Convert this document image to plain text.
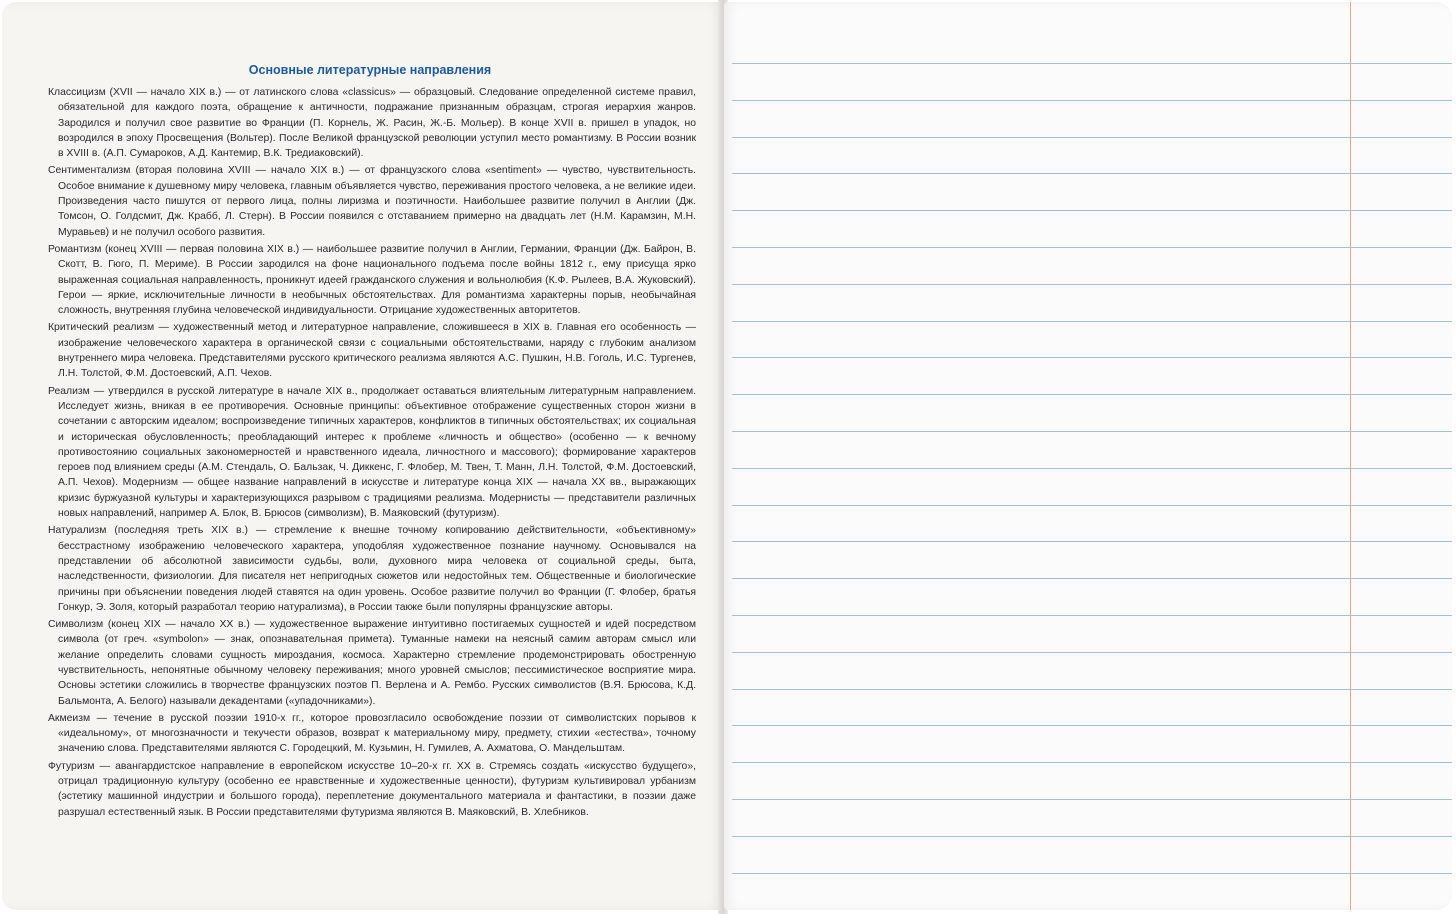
Основные литературные направления

Классицизм (XVII — начало XIX в.) — от латинского слова «classicus» — образцовый. Следование определенной системе правил, обязательной для каждого поэта, обращение к античности, подражание признанным образцам, строгая иерархия жанров. Зародился и получил свое развитие во Франции (П. Корнель, Ж. Расин, Ж.-Б. Мольер). В конце XVII в. пришел в упадок, но возродился в эпоху Просвещения (Вольтер). После Великой французской революции уступил место романтизму. В России возник в XVIII в. (А.П. Сумароков, А.Д. Кантемир, В.К. Тредиаковский).

Сентиментализм (вторая половина XVIII — начало XIX в.) — от французского слова «sentiment» — чувство, чувствительность. Особое внимание к душевному миру человека, главным объявляется чувство, переживания простого человека, а не великие идеи. Произведения часто пишутся от первого лица, полны лиризма и поэтичности. Наибольшее развитие получил в Англии (Дж. Томсон, О. Голдсмит, Дж. Крабб, Л. Стерн). В России появился с отставанием примерно на двадцать лет (Н.М. Карамзин, М.Н. Муравьев) и не получил особого развития.

Романтизм (конец XVIII — первая половина XIX в.) — наибольшее развитие получил в Англии, Германии, Франции (Дж. Байрон, В. Скотт, В. Гюго, П. Мериме). В России зародился на фоне национального подъема после войны 1812 г., ему присуща ярко выраженная социальная направленность, проникнут идеей гражданского служения и вольнолюбия (К.Ф. Рылеев, В.А. Жуковский). Герои — яркие, исключительные личности в необычных обстоятельствах. Для романтизма характерны порыв, необычайная сложность, внутренняя глубина человеческой индивидуальности. Отрицание художественных авторитетов.

Критический реализм — художественный метод и литературное направление, сложившееся в XIX в. Главная его особенность — изображение человеческого характера в органической связи с социальными обстоятельствами, наряду с глубоким анализом внутреннего мира человека. Представителями русского критического реализма являются А.С. Пушкин, Н.В. Гоголь, И.С. Тургенев, Л.Н. Толстой, Ф.М. Достоевский, А.П. Чехов.

Реализм — утвердился в русской литературе в начале XIX в., продолжает оставаться влиятельным литературным направлением. Исследует жизнь, вникая в ее противоречия. Основные принципы: объективное отображение существенных сторон жизни в сочетании с авторским идеалом; воспроизведение типичных характеров, конфликтов в типичных обстоятельствах; их социальная и историческая обусловленность; преобладающий интерес к проблеме «личность и общество» (особенно — к вечному противостоянию социальных закономерностей и нравственного идеала, личностного и массового); формирование характеров героев под влиянием среды (А.М. Стендаль, О. Бальзак, Ч. Диккенс, Г. Флобер, М. Твен, Т. Манн, Л.Н. Толстой, Ф.М. Достоевский, А.П. Чехов). Модернизм — общее название направлений в искусстве и литературе конца XIX — начала XX вв., выражающих кризис буржуазной культуры и характеризующихся разрывом с традициями реализма. Модернисты — представители различных новых направлений, например А. Блок, В. Брюсов (символизм), В. Маяковский (футуризм).

Натурализм (последняя треть XIX в.) — стремление к внешне точному копированию действительности, «объективному» бесстрастному изображению человеческого характера, уподобляя художественное познание научному. Основывался на представлении об абсолютной зависимости судьбы, воли, духовного мира человека от социальной среды, быта, наследственности, физиологии. Для писателя нет непригодных сюжетов или недостойных тем. Общественные и биологические причины при объяснении поведения людей ставятся на один уровень. Особое развитие получил во Франции (Г. Флобер, братья Гонкур, Э. Золя, который разработал теорию натурализма), в России также были популярны французские авторы.

Символизм (конец XIX — начало XX в.) — художественное выражение интуитивно постигаемых сущностей и идей посредством символа (от греч. «symbolon» — знак, опознавательная примета). Туманные намеки на неясный самим авторам смысл или желание определить словами сущность мироздания, космоса. Характерно стремление продемонстрировать обостренную чувствительность, непонятные обычному человеку переживания; много уровней смыслов; пессимистическое восприятие мира. Основы эстетики сложились в творчестве французских поэтов П. Верлена и А. Рембо. Русских символистов (В.Я. Брюсова, К.Д. Бальмонта, А. Белого) называли декадентами («упадочниками»).

Акмеизм — течение в русской поэзии 1910-х гг., которое провозгласило освобождение поэзии от символистских порывов к «идеальному», от многозначности и текучести образов, возврат к материальному миру, предмету, стихии «естества», точному значению слова. Представителями являются С. Городецкий, М. Кузьмин, Н. Гумилев, А. Ахматова, О. Мандельштам.

Футуризм — авангардистское направление в европейском искусстве 10–20-х гг. XX в. Стремясь создать «искусство будущего», отрицал традиционную культуру (особенно ее нравственные и художественные ценности), футуризм культивировал урбанизм (эстетику машинной индустрии и большого города), переплетение документального материала и фантастики, в поэзии даже разрушал естественный язык. В России представителями футуризма являются В. Маяковский, В. Хлебников.
